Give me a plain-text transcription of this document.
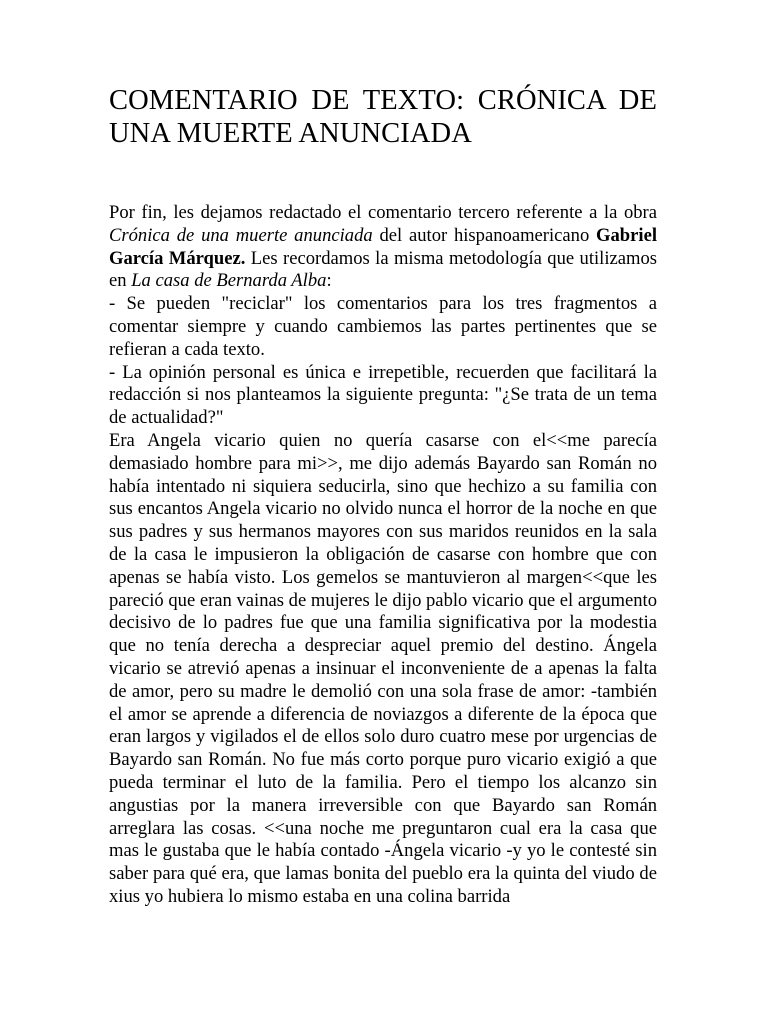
COMENTARIO DE TEXTO: CRÓNICA DE UNA MUERTE ANUNCIADA

Por fin, les dejamos redactado el comentario tercero referente a la obra Crónica de una muerte anunciada del autor hispanoamericano Gabriel García Márquez. Les recordamos la misma metodología que utilizamos en La casa de Bernarda Alba:

- Se pueden "reciclar" los comentarios para los tres fragmentos a comentar siempre y cuando cambiemos las partes pertinentes que se refieran a cada texto.

- La opinión personal es única e irrepetible, recuerden que facilitará la redacción si nos planteamos la siguiente pregunta: "¿Se trata de un tema de actualidad?"

Era Angela vicario quien no quería casarse con el<<me parecía demasiado hombre para mi>>, me dijo además Bayardo san Román no había intentado ni siquiera seducirla, sino que hechizo a su familia con sus encantos Angela vicario no olvido nunca el horror de la noche en que sus padres y sus hermanos mayores con sus maridos reunidos en la sala de la casa le impusieron la obligación de casarse con hombre que con apenas se había visto. Los gemelos se mantuvieron al margen<<que les pareció que eran vainas de mujeres le dijo pablo vicario que el argumento decisivo de lo padres fue que una familia significativa por la modestia que no tenía derecha a despreciar aquel premio del destino. Ángela vicario se atrevió apenas a insinuar el inconveniente de a apenas la falta de amor, pero su madre le demolió con una sola frase de amor: -también el amor se aprende a diferencia de noviazgos a diferente de la época que eran largos y vigilados el de ellos solo duro cuatro mese por urgencias de Bayardo san Román. No fue más corto porque puro vicario exigió a que pueda terminar el luto de la familia. Pero el tiempo los alcanzo sin angustias por la manera irreversible con que Bayardo san Román arreglara las cosas. <<una noche me preguntaron cual era la casa que mas le gustaba que le había contado -Ángela vicario -y yo le contesté sin saber para qué era, que lamas bonita del pueblo era la quinta del viudo de xius yo hubiera lo mismo estaba en una colina barrida
